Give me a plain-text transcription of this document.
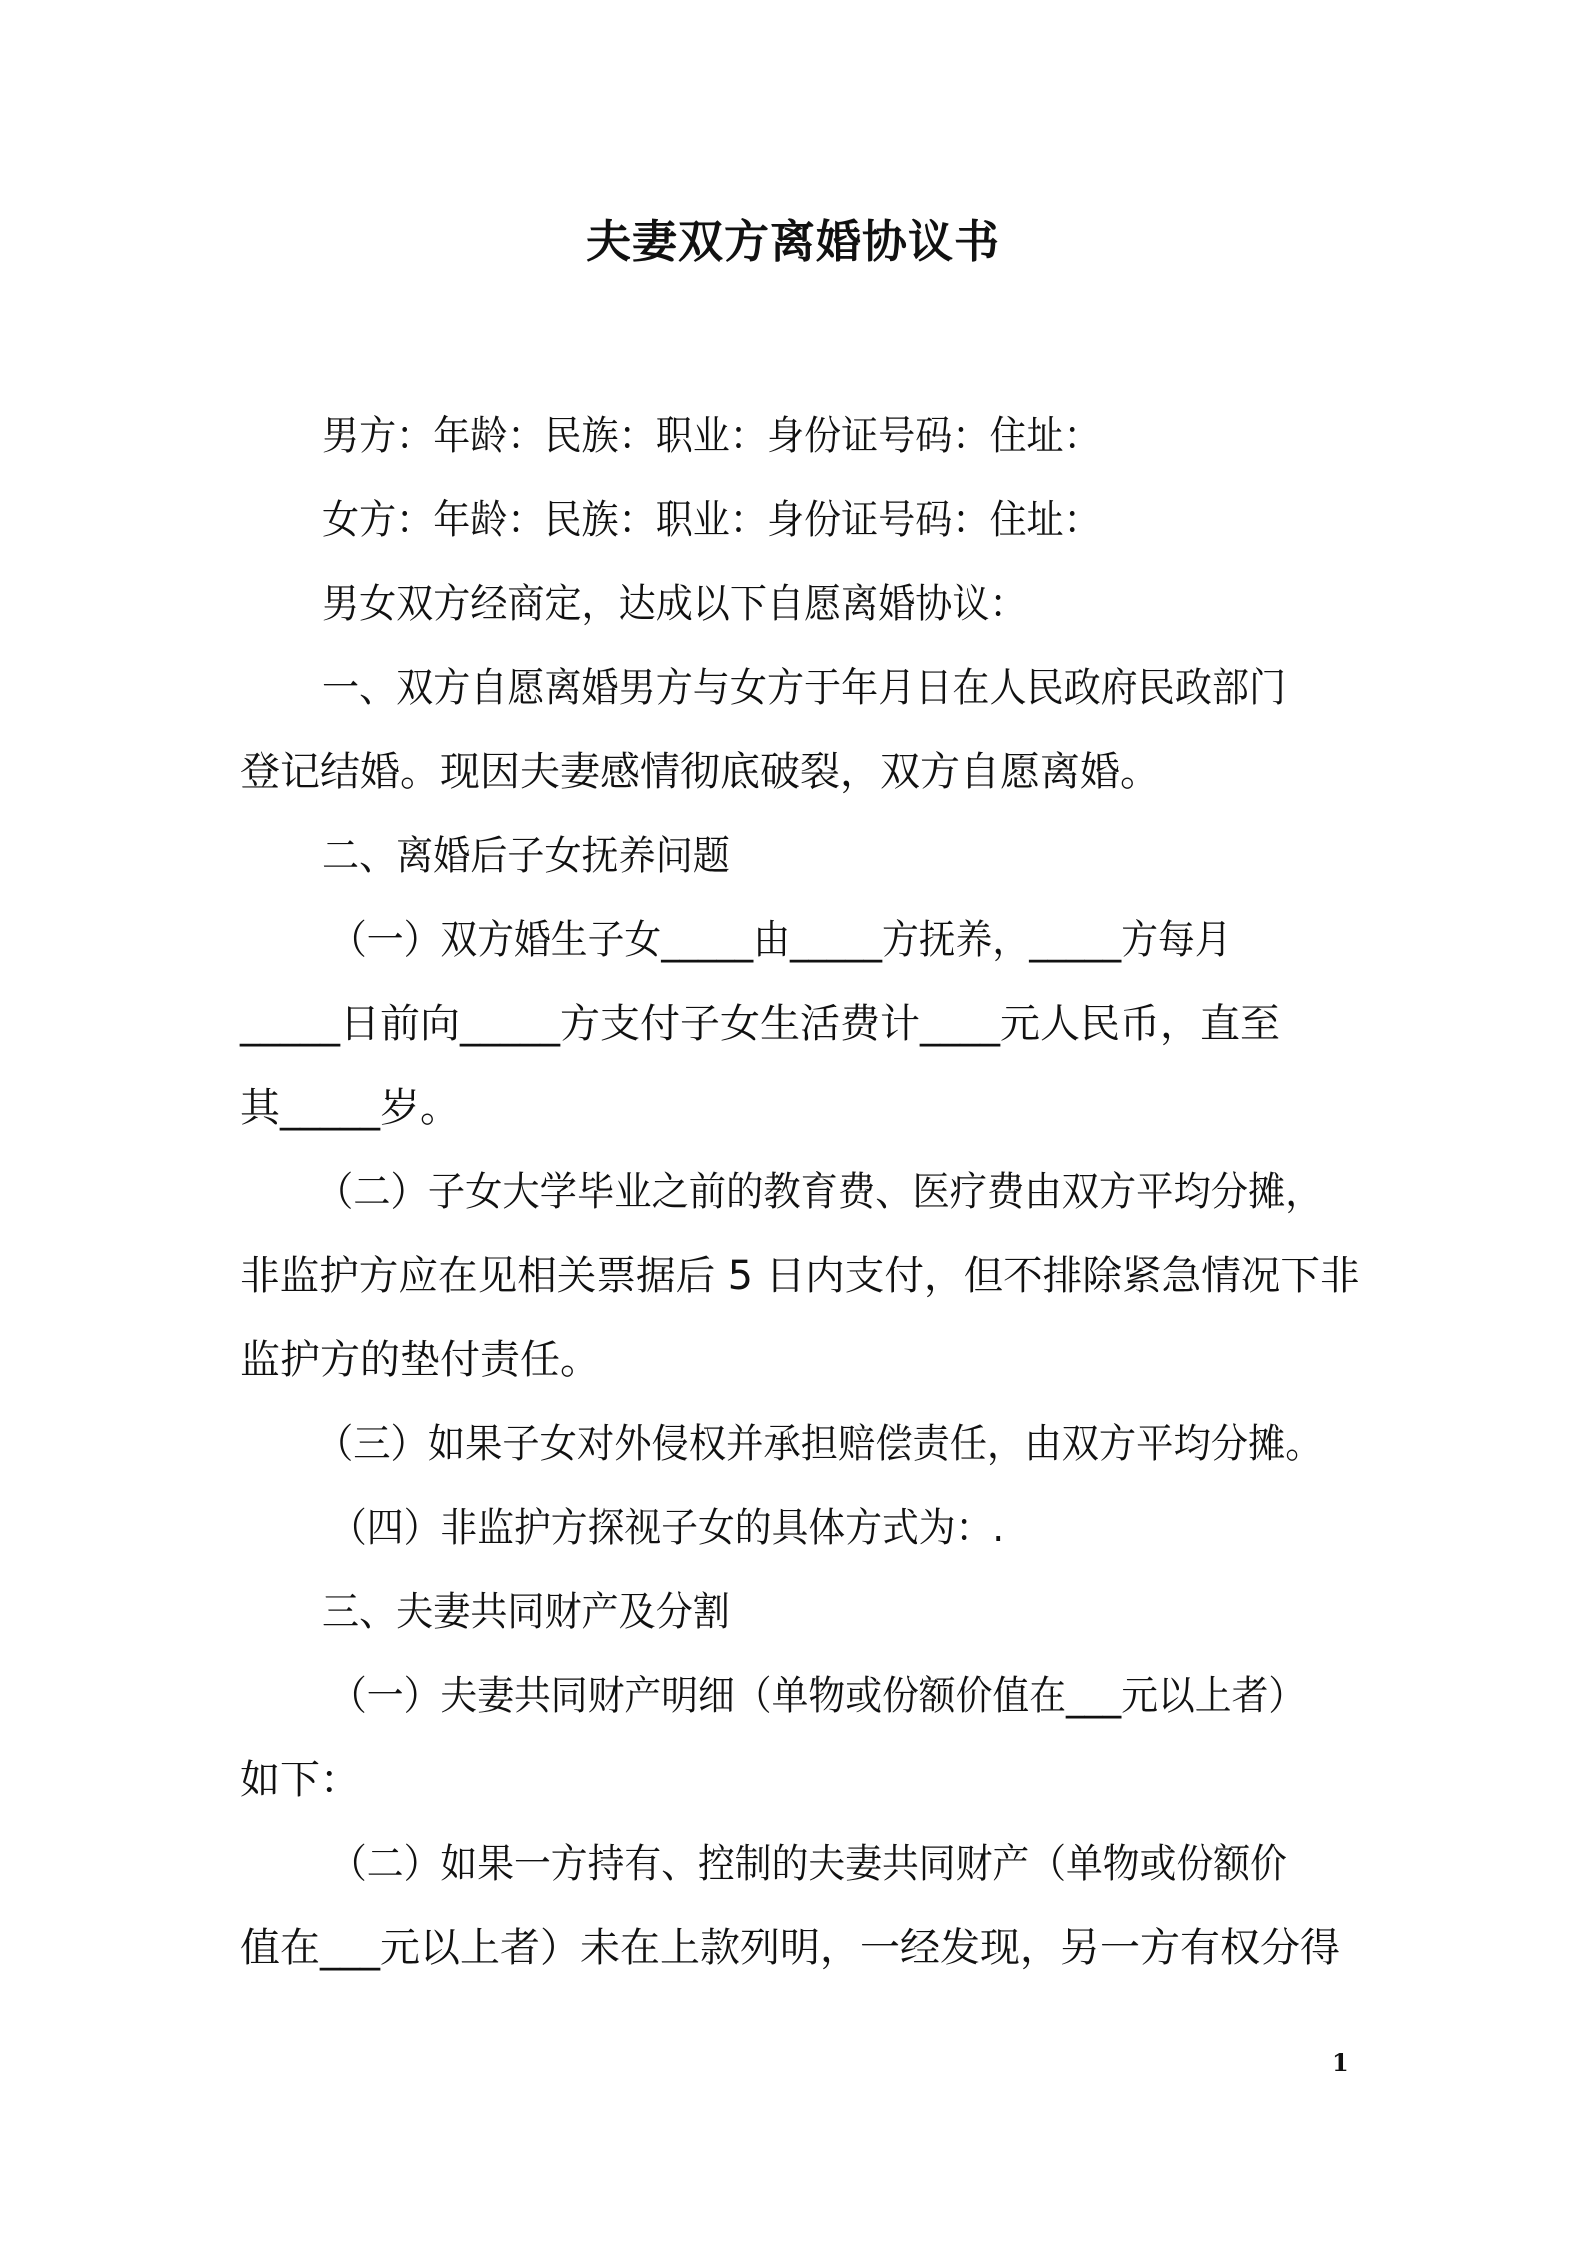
夫妻双方离婚协议书
男方：年龄：民族：职业：身份证号码：住址：
女方：年龄：民族：职业：身份证号码：住址：
男女双方经商定，达成以下自愿离婚协议：
一、双方自愿离婚男方与女方于年月日在人民政府民政部门
登记结婚。现因夫妻感情彻底破裂，双方自愿离婚。
二、离婚后子女抚养问题
（一）双方婚生子女_____由_____方抚养，_____方每月
_____日前向_____方支付子女生活费计____元人民币，直至
其_____岁。
（二）子女大学毕业之前的教育费、医疗费由双方平均分摊，
非监护方应在见相关票据后 5 日内支付，但不排除紧急情况下非
监护方的垫付责任。
（三）如果子女对外侵权并承担赔偿责任，由双方平均分摊。
（四）非监护方探视子女的具体方式为：.
三、夫妻共同财产及分割
（一）夫妻共同财产明细（单物或份额价值在___元以上者）
如下：
（二）如果一方持有、控制的夫妻共同财产（单物或份额价
值在___元以上者）未在上款列明，一经发现，另一方有权分得
1
